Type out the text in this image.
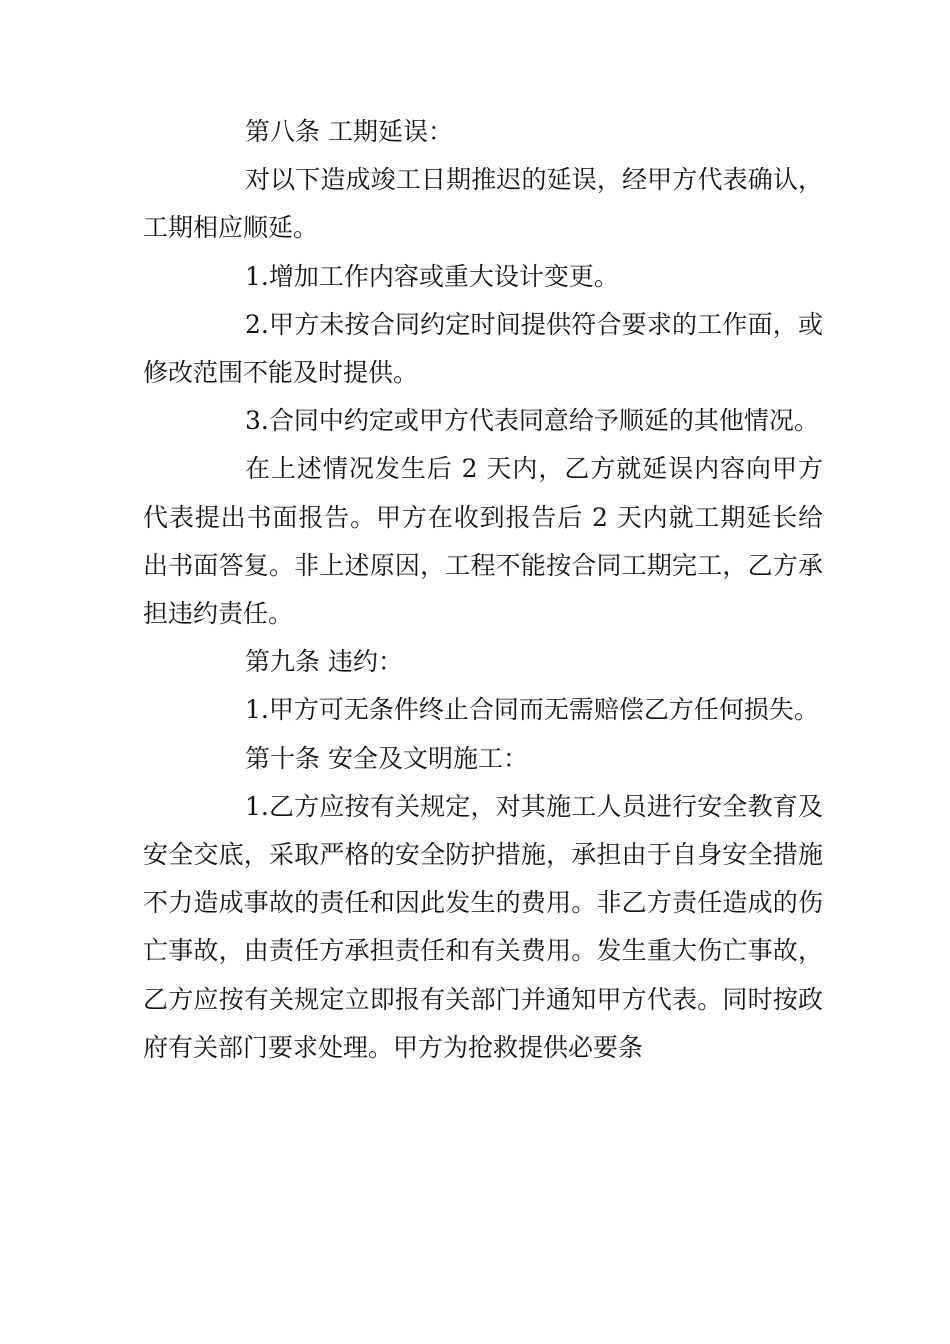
第八条 工期延误：

对以下造成竣工日期推迟的延误，经甲方代表确认，工期相应顺延。

1.增加工作内容或重大设计变更。

2.甲方未按合同约定时间提供符合要求的工作面，或修改范围不能及时提供。

3.合同中约定或甲方代表同意给予顺延的其他情况。

在上述情况发生后 2 天内，乙方就延误内容向甲方代表提出书面报告。甲方在收到报告后 2 天内就工期延长给出书面答复。非上述原因，工程不能按合同工期完工，乙方承担违约责任。

第九条 违约：

1.甲方可无条件终止合同而无需赔偿乙方任何损失。

第十条 安全及文明施工：

1.乙方应按有关规定，对其施工人员进行安全教育及安全交底，采取严格的安全防护措施，承担由于自身安全措施不力造成事故的责任和因此发生的费用。非乙方责任造成的伤亡事故，由责任方承担责任和有关费用。发生重大伤亡事故，乙方应按有关规定立即报有关部门并通知甲方代表。同时按政府有关部门要求处理。甲方为抢救提供必要条
